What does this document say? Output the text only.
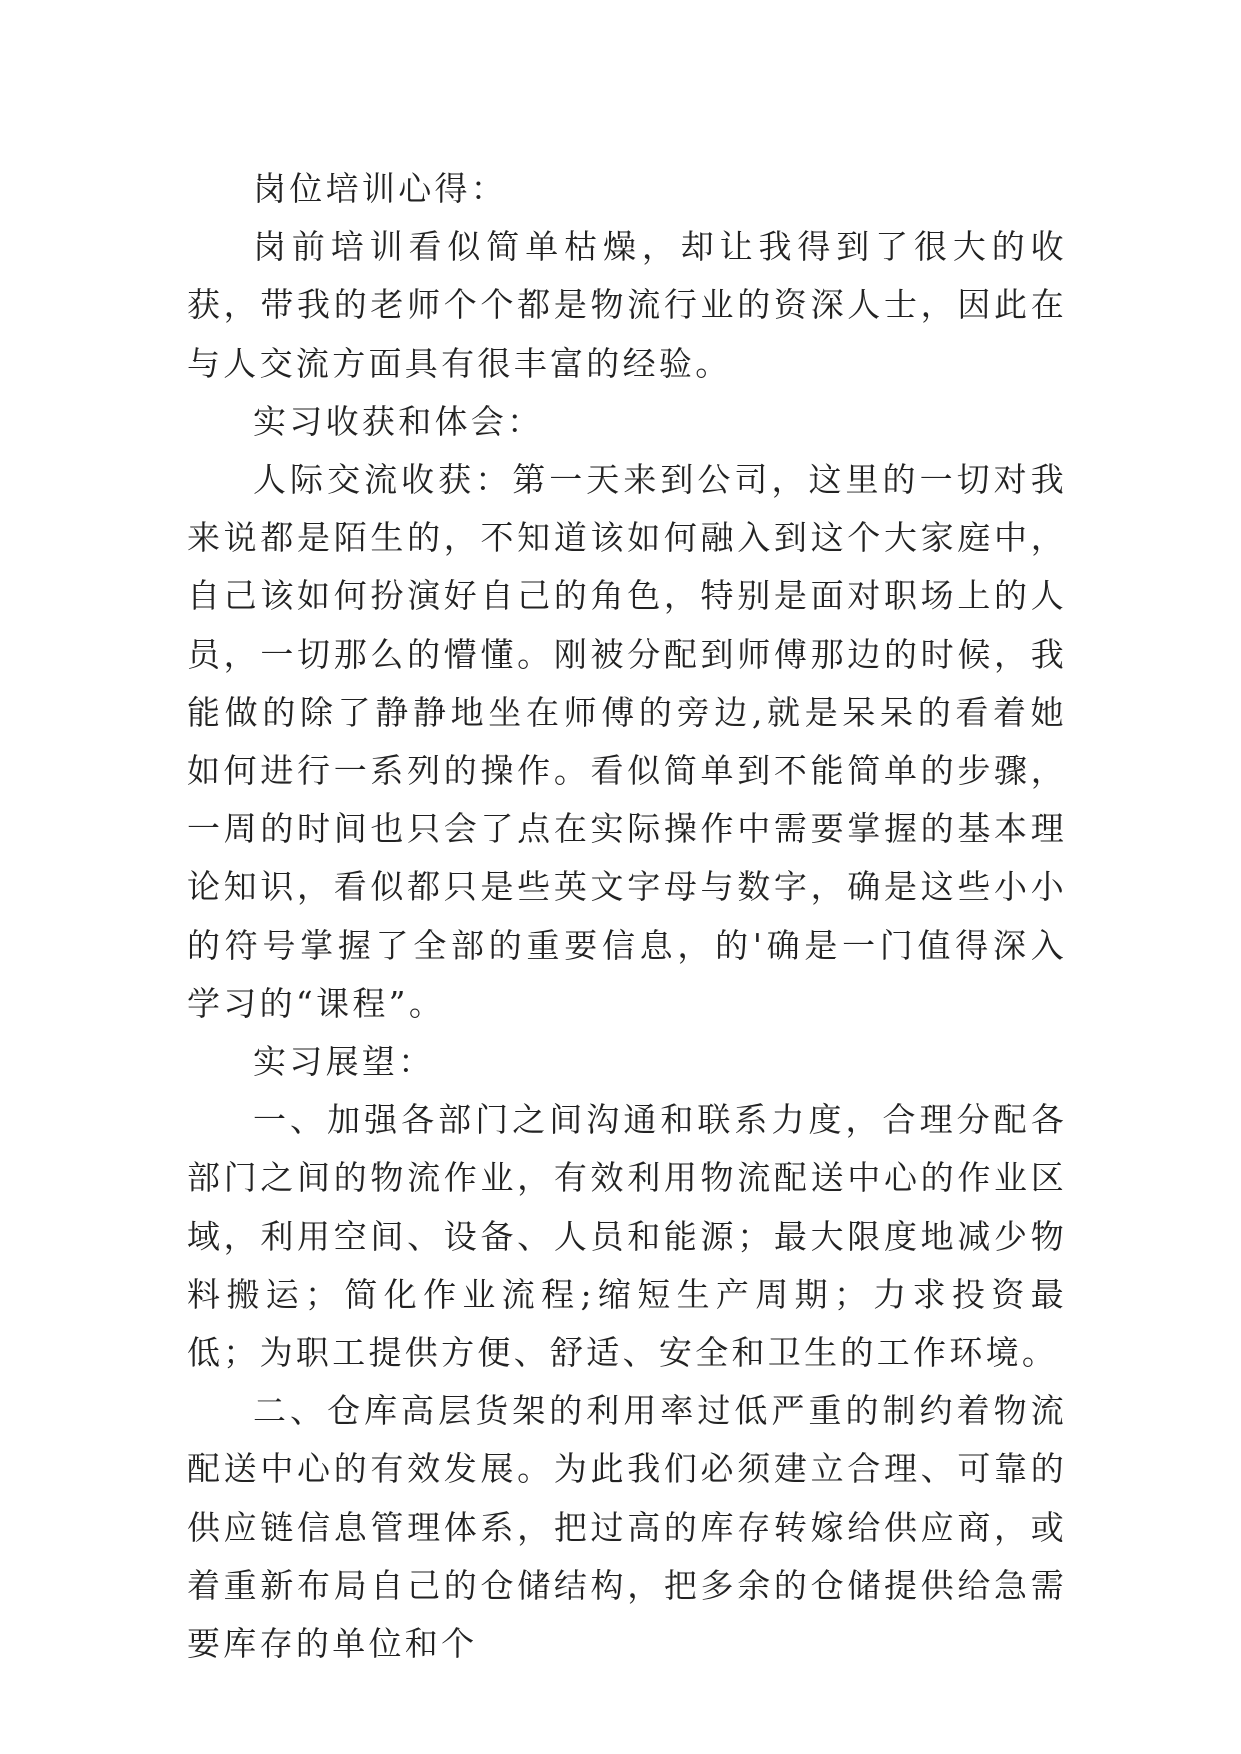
岗位培训心得：

岗前培训看似简单枯燥，却让我得到了很大的收获，带我的老师个个都是物流行业的资深人士，因此在与人交流方面具有很丰富的经验。

实习收获和体会：

人际交流收获：第一天来到公司，这里的一切对我来说都是陌生的，不知道该如何融入到这个大家庭中，自己该如何扮演好自己的角色，特别是面对职场上的人员，一切那么的懵懂。刚被分配到师傅那边的时候，我能做的除了静静地坐在师傅的旁边,就是呆呆的看着她如何进行一系列的操作。看似简单到不能简单的步骤，一周的时间也只会了点在实际操作中需要掌握的基本理论知识，看似都只是些英文字母与数字，确是这些小小的符号掌握了全部的重要信息，的'确是一门值得深入学习的“课程”。

实习展望：

一、加强各部门之间沟通和联系力度，合理分配各部门之间的物流作业，有效利用物流配送中心的作业区域，利用空间、设备、人员和能源；最大限度地减少物料搬运；简化作业流程;缩短生产周期；力求投资最低；为职工提供方便、舒适、安全和卫生的工作环境。

二、仓库高层货架的利用率过低严重的制约着物流配送中心的有效发展。为此我们必须建立合理、可靠的供应链信息管理体系，把过高的库存转嫁给供应商，或着重新布局自己的仓储结构，把多余的仓储提供给急需要库存的单位和个
